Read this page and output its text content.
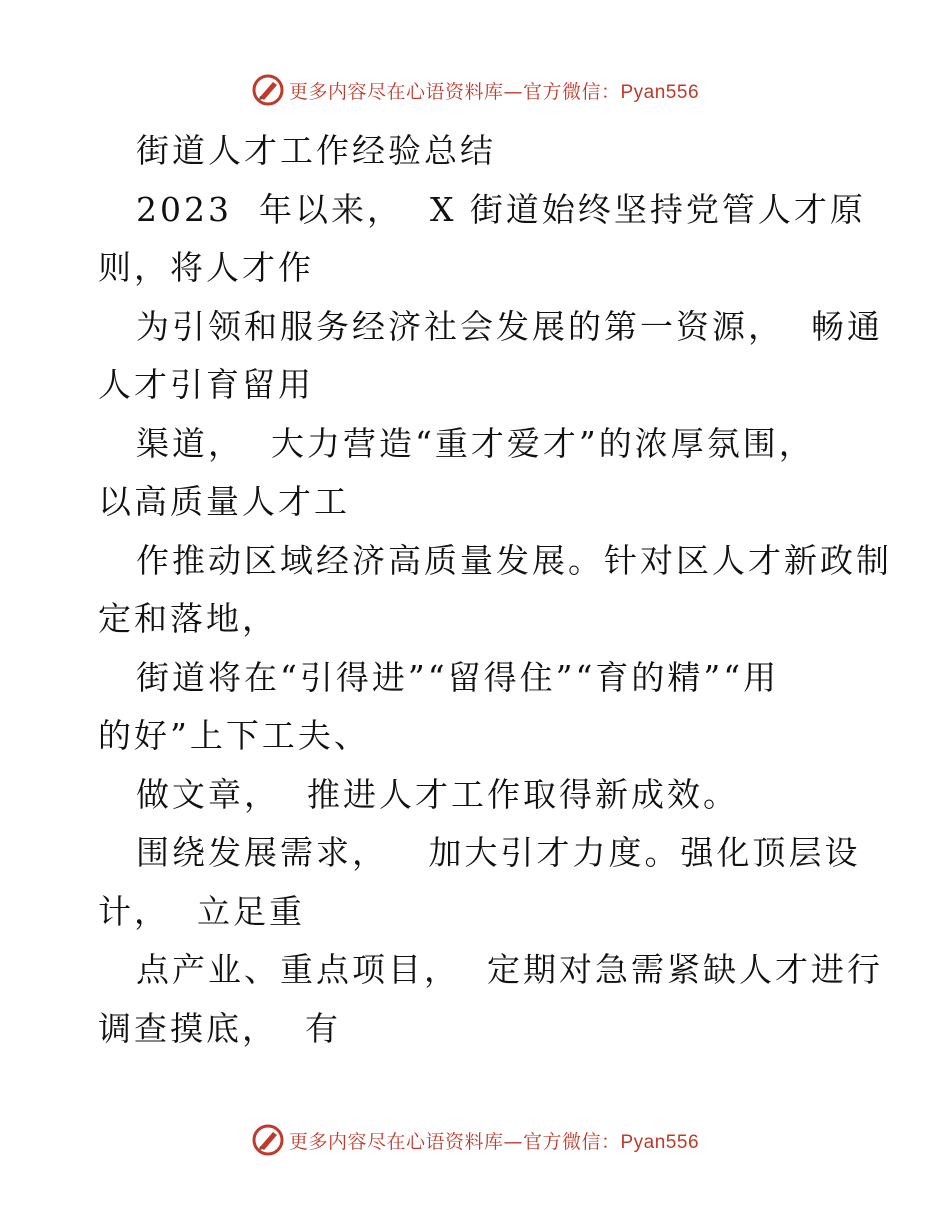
更多内容尽在心语资料库—官方微信：Pyan556
街道人才工作经验总结
2023  年以来，  X 街道始终坚持党管人才原
则，将人才作
为引领和服务经济社会发展的第一资源，  畅通
人才引育留用
渠道，  大力营造“重才爱才”的浓厚氛围，
以高质量人才工
作推动区域经济高质量发展。针对区人才新政制
定和落地，
街道将在“引得进”“留得住”“育的精”“用
的好”上下工夫、
做文章，  推进人才工作取得新成效。
围绕发展需求，   加大引才力度。强化顶层设
计，  立足重
点产业、重点项目，  定期对急需紧缺人才进行
调查摸底，  有
更多内容尽在心语资料库—官方微信：Pyan556
